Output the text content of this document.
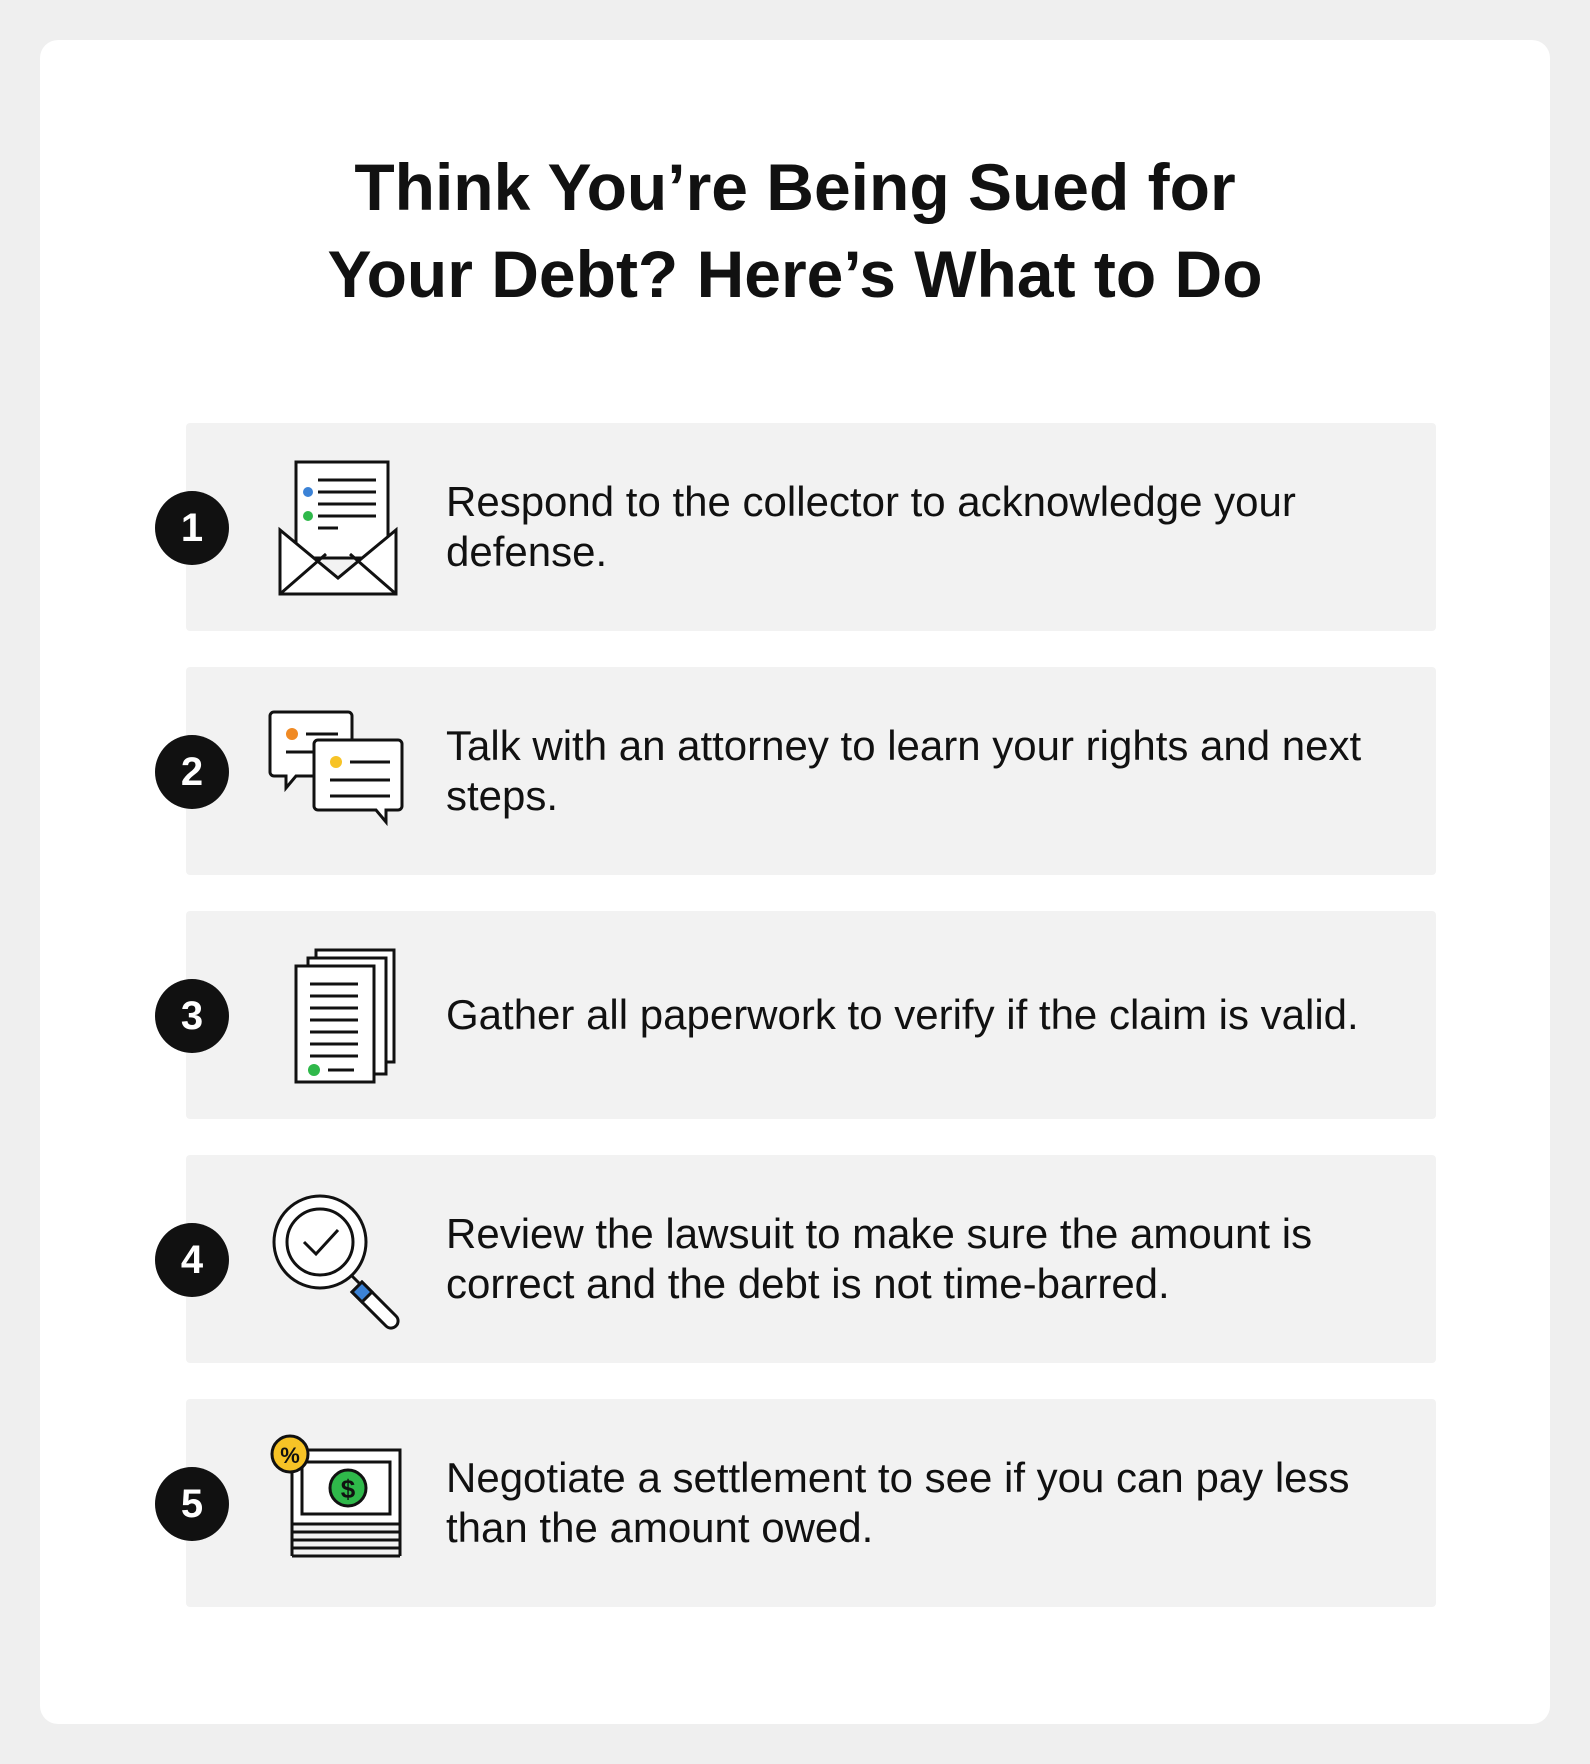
Think You’re Being Sued for
Your Debt? Here’s What to Do
1
Respond to the collector to acknowledge your defense.
2
Talk with an attorney to learn your rights and next steps.
3	Gather all paperwork to verify if the claim is valid.
4
Review the lawsuit to make sure the amount is correct and the debt is not time-barred.
5	$
%	Negotiate a settlement to see if you can pay less than the amount owed.
